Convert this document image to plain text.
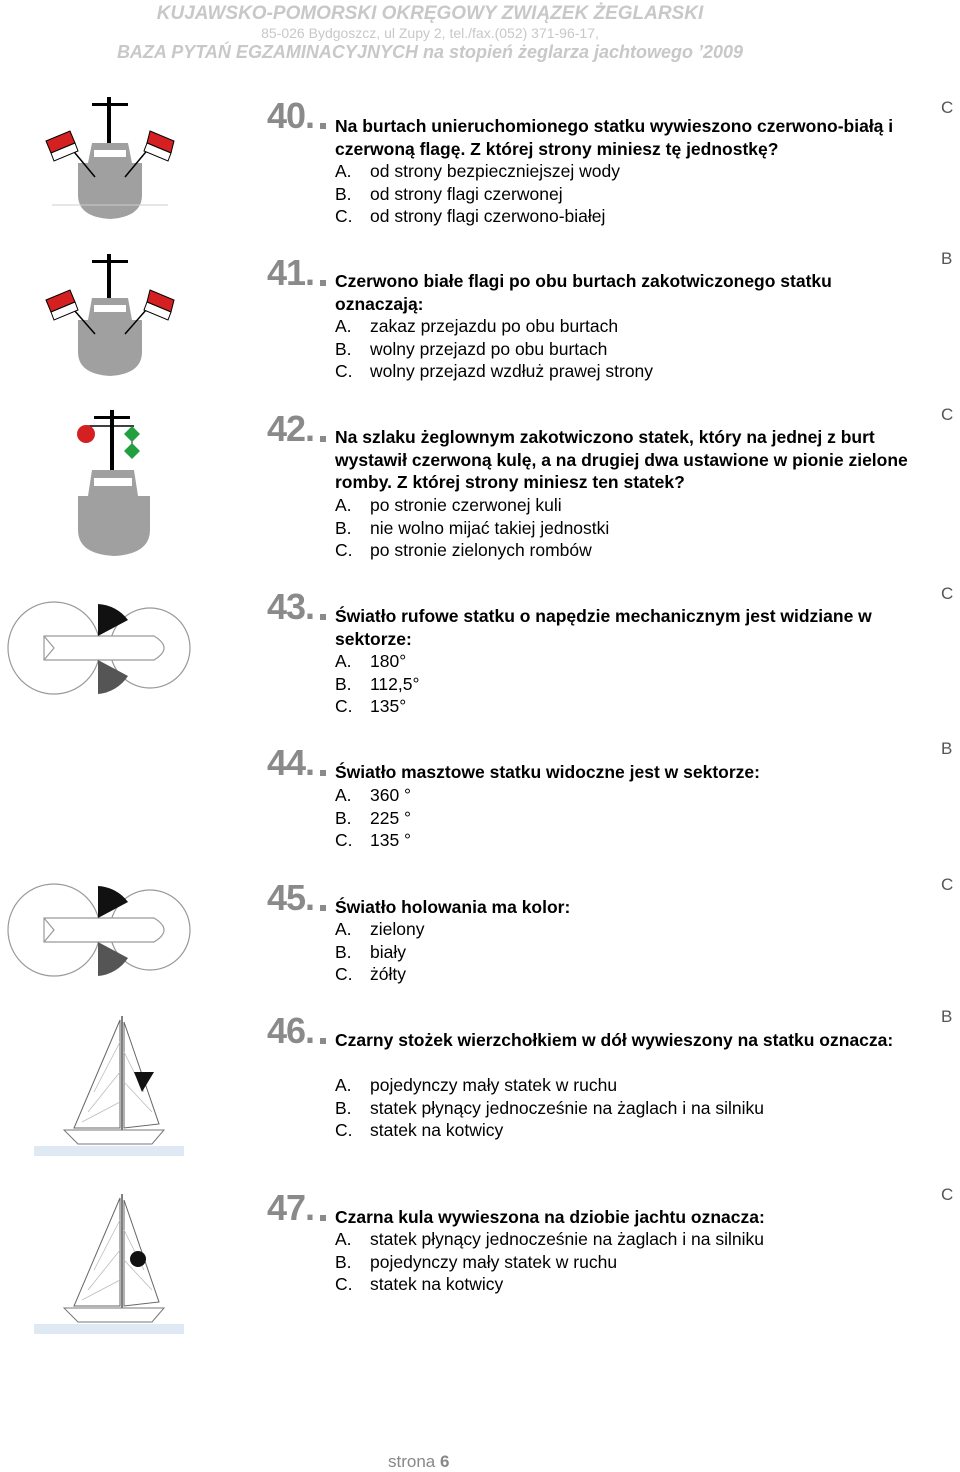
KUJAWSKO-POMORSKI OKRĘGOWY ZWIĄZEK ŻEGLARSKI
85-026 Bydgoszcz, ul Zupy 2, tel./fax.(052) 371-96-17,
BAZA PYTAŃ EGZAMINACYJNYCH na stopień żeglarza jachtowego ’2009
40. Na burtach unieruchomionego statku wywieszono czerwono-białą i czerwoną flagę. Z której strony miniesz tę jednostkę?
A.	od strony bezpieczniejszej wody
B.	od strony flagi czerwonej
C.	od strony flagi czerwono-białej
C
41. Czerwono białe flagi po obu burtach zakotwiczonego statku oznaczają:
A.	zakaz przejazdu po obu burtach
B.	wolny przejazd po obu burtach
C.	wolny przejazd wzdłuż prawej strony
B
42. Na szlaku żeglownym zakotwiczono statek, który na jednej z burt wystawił czerwoną kulę, a na drugiej dwa ustawione w pionie zielone romby. Z której strony miniesz ten statek?
A.	po stronie czerwonej kuli
B.	nie wolno mijać takiej jednostki
C.	po stronie zielonych rombów
C
43. Światło rufowe statku o napędzie mechanicznym jest widziane w sektorze:
A.	180°
B.	112,5°
C.	135°
C
44. Światło masztowe statku widoczne jest w sektorze:
A.	360 °
B.	225 °
C.	135 °
B
45. Światło holowania ma kolor:
A.	zielony
B.	biały
C.	żółty
C
46. Czarny stożek wierzchołkiem w dół wywieszony na statku oznacza:
A.	pojedynczy mały statek w ruchu
B.	statek płynący jednocześnie na żaglach i na silniku
C.	statek na kotwicy
B
47. Czarna kula wywieszona na dziobie jachtu oznacza:
A.	statek płynący jednocześnie na żaglach i na silniku
B.	pojedynczy mały statek w ruchu
C.	statek na kotwicy
C
strona 6
